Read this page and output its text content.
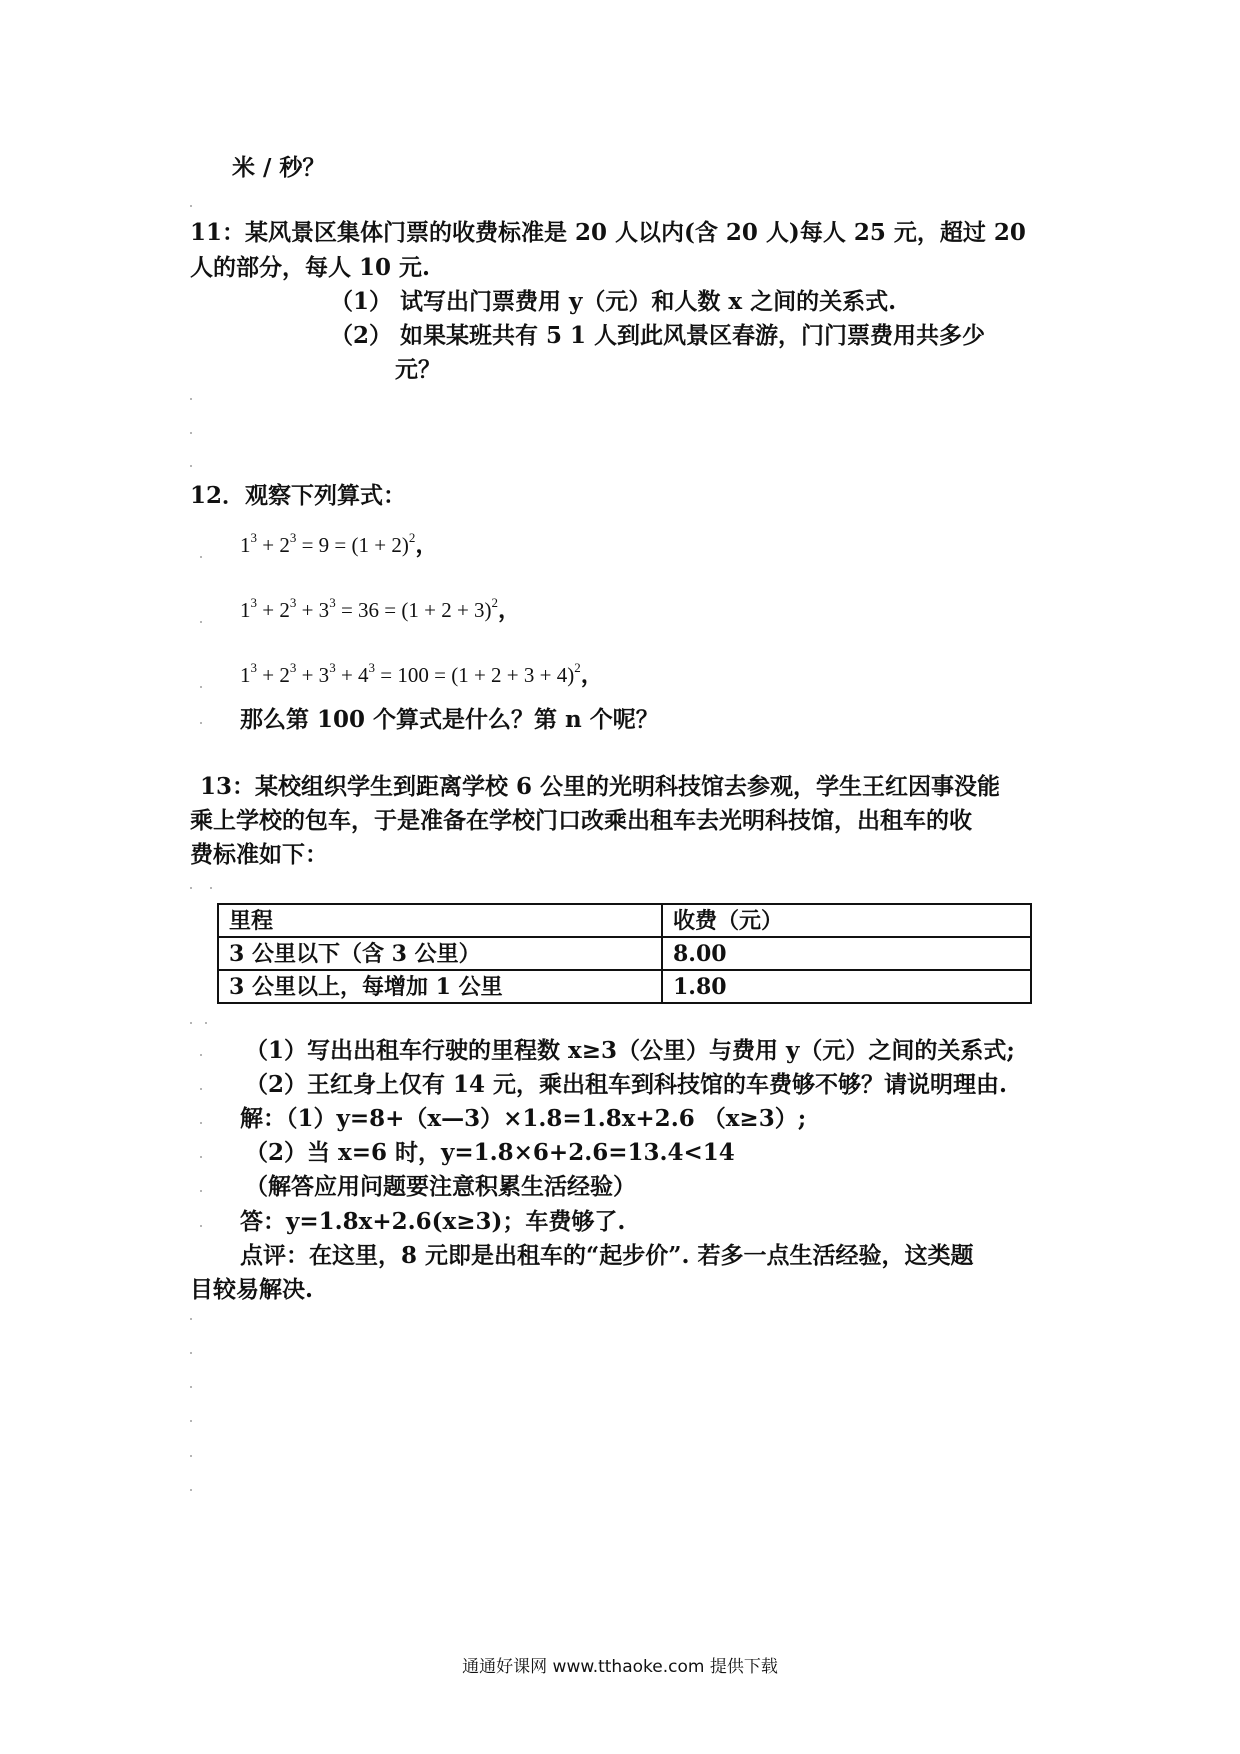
米 / 秒？
11：某风景区集体门票的收费标准是 20 人以内(含 20 人)每人 25 元，超过 20
人的部分，每人 10 元.
（1） 试写出门票费用 y（元）和人数 x 之间的关系式.
（2） 如果某班共有 5 1 人到此风景区春游，门门票费用共多少
元？
12．观察下列算式：
$1^3 + 2^3 = 9 = (1 + 2)^2$，
$1^3 + 2^3 + 3^3 = 36 = (1 + 2 + 3)^2$，
$1^3 + 2^3 + 3^3 + 4^3 = 100 = (1 + 2 + 3 + 4)^2$，
那么第 100 个算式是什么？第 n 个呢？
13：某校组织学生到距离学校 6 公里的光明科技馆去参观，学生王红因事没能
乘上学校的包车，于是准备在学校门口改乘出租车去光明科技馆，出租车的收
费标准如下：
里程	收费（元）
3 公里以下（含 3 公里）	8.00
3 公里以上，每增加 1 公里	1.80
（1）写出出租车行驶的里程数 x≥3（公里）与费用 y（元）之间的关系式;
（2）王红身上仅有 14 元，乘出租车到科技馆的车费够不够？请说明理由.
解：（1）y=8+（x—3）×1.8=1.8x+2.6 （x≥3）;
（2）当 x=6 时，y=1.8×6+2.6=13.4<14
（解答应用问题要注意积累生活经验）
答：y=1.8x+2.6(x≥3)；车费够了.
点评：在这里，8 元即是出租车的“起步价”. 若多一点生活经验，这类题
目较易解决.
通通好课网 www.tthaoke.com 提供下载
